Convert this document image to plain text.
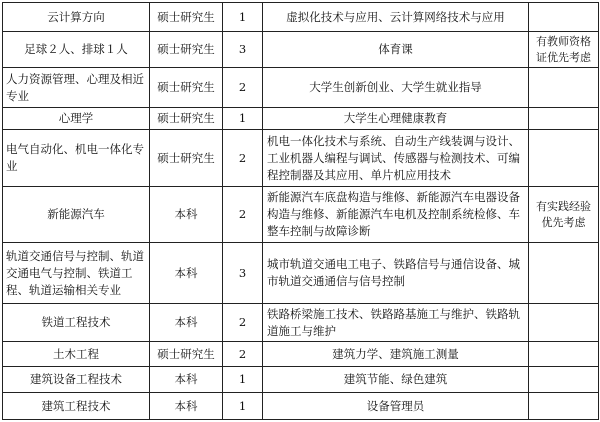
云计算方向	硕士研究生	1	虚拟化技术与应用、云计算网络技术与应用	
足球２人、排球１人	硕士研究生	3	体育课	有教师资格证优先考虑
人力资源管理、心理及相近专业	硕士研究生	2	大学生创新创业、大学生就业指导	
心理学	硕士研究生	1	大学生心理健康教育	
电气自动化、机电一体化专业	硕士研究生	2	机电一体化技术与系统、自动生产线装调与设计、工业机器人编程与调试、传感器与检测技术、可编程控制器及其应用、单片机应用技术	
新能源汽车	本科	2	新能源汽车底盘构造与维修、新能源汽车电器设备构造与维修、新能源汽车电机及控制系统检修、车整车控制与故障诊断	有实践经验优先考虑
轨道交通信号与控制、轨道交通电气与控制、铁道工程、轨道运输相关专业	本科	3	城市轨道交通电工电子、铁路信号与通信设备、城市轨道交通通信与信号控制	
铁道工程技术	本科	2	铁路桥梁施工技术、铁路路基施工与维护、铁路轨道施工与维护	
土木工程	硕士研究生	2	建筑力学、建筑施工测量	
建筑设备工程技术	本科	1	建筑节能、绿色建筑	
建筑工程技术	本科	1	设备管理员	
